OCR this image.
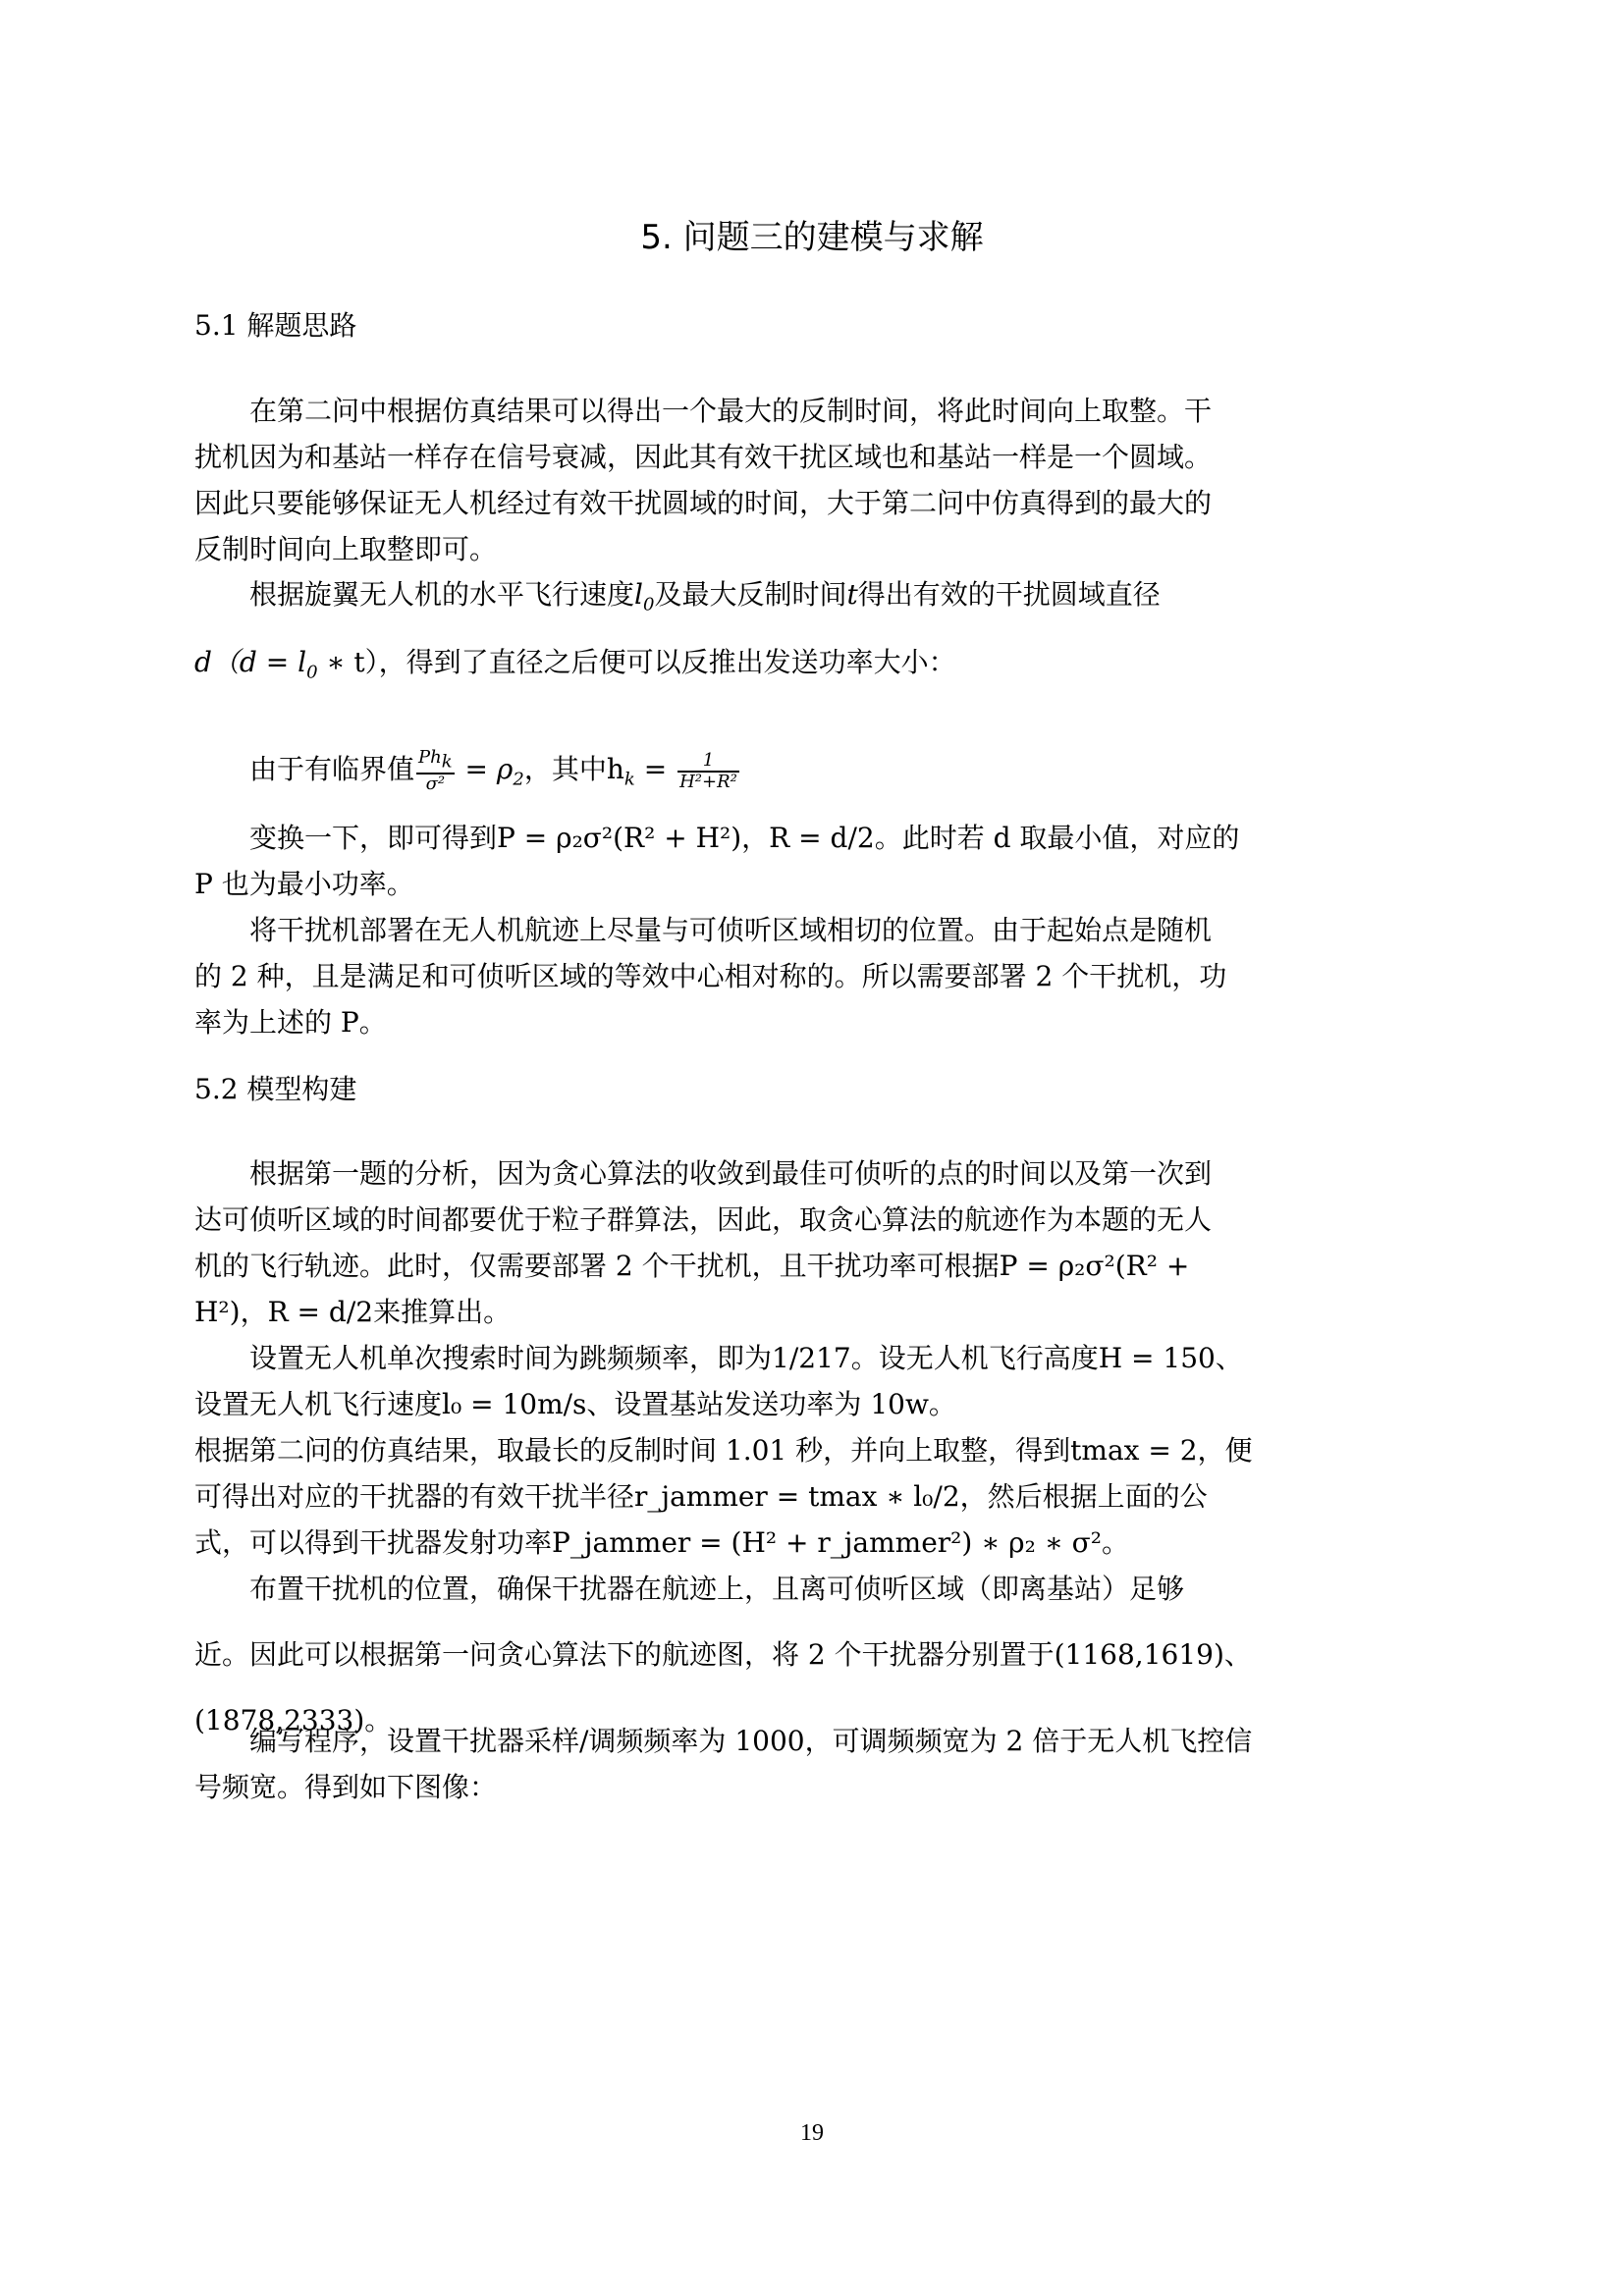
5. 问题三的建模与求解
5.1 解题思路
在第二问中根据仿真结果可以得出一个最大的反制时间，将此时间向上取整。干
扰机因为和基站一样存在信号衰减，因此其有效干扰区域也和基站一样是一个圆域。
因此只要能够保证无人机经过有效干扰圆域的时间，大于第二问中仿真得到的最大的
反制时间向上取整即可。
根据旋翼无人机的水平飞行速度$l_0$及最大反制时间t得出有效的干扰圆域直径
$d(d = l_0$ ∗ t），得到了直径之后便可以反推出发送功率大小：
由于有临界值 $\frac{Ph_k}{\text{σ²}} = \rho_2$，其中$h_k = \frac{1}{\text{H²+R²}}$
变换一下，即可得到P = ρ₂σ²(R² + H²)，R = d/2。此时若 d 取最小值，对应的
P 也为最小功率。
将干扰机部署在无人机航迹上尽量与可侦听区域相切的位置。由于起始点是随机
的 2 种，且是满足和可侦听区域的等效中心相对称的。所以需要部署 2 个干扰机，功
率为上述的 P。
5.2 模型构建
根据第一题的分析，因为贪心算法的收敛到最佳可侦听的点的时间以及第一次到
达可侦听区域的时间都要优于粒子群算法，因此，取贪心算法的航迹作为本题的无人
机的飞行轨迹。此时，仅需要部署 2 个干扰机，且干扰功率可根据P = ρ₂σ²(R² +
H²)，R = d/2来推算出。
设置无人机单次搜索时间为跳频频率，即为1/217。设无人机飞行高度H = 150、
设置无人机飞行速度l₀ = 10m/s、设置基站发送功率为 10w。
根据第二问的仿真结果，取最长的反制时间 1.01 秒，并向上取整，得到tmax = 2，便
可得出对应的干扰器的有效干扰半径r_jammer = tmax ∗ l₀/2，然后根据上面的公
式，可以得到干扰器发射功率P_jammer = (H² + r_jammer²) ∗ ρ₂ ∗ σ²。
布置干扰机的位置，确保干扰器在航迹上，且离可侦听区域（即离基站）足够
近。因此可以根据第一问贪心算法下的航迹图，将 2 个干扰器分别置于(1168,1619)、
(1878,2333)。
编写程序，设置干扰器采样/调频频率为 1000，可调频频宽为 2 倍于无人机飞控信
号频宽。得到如下图像：
19
